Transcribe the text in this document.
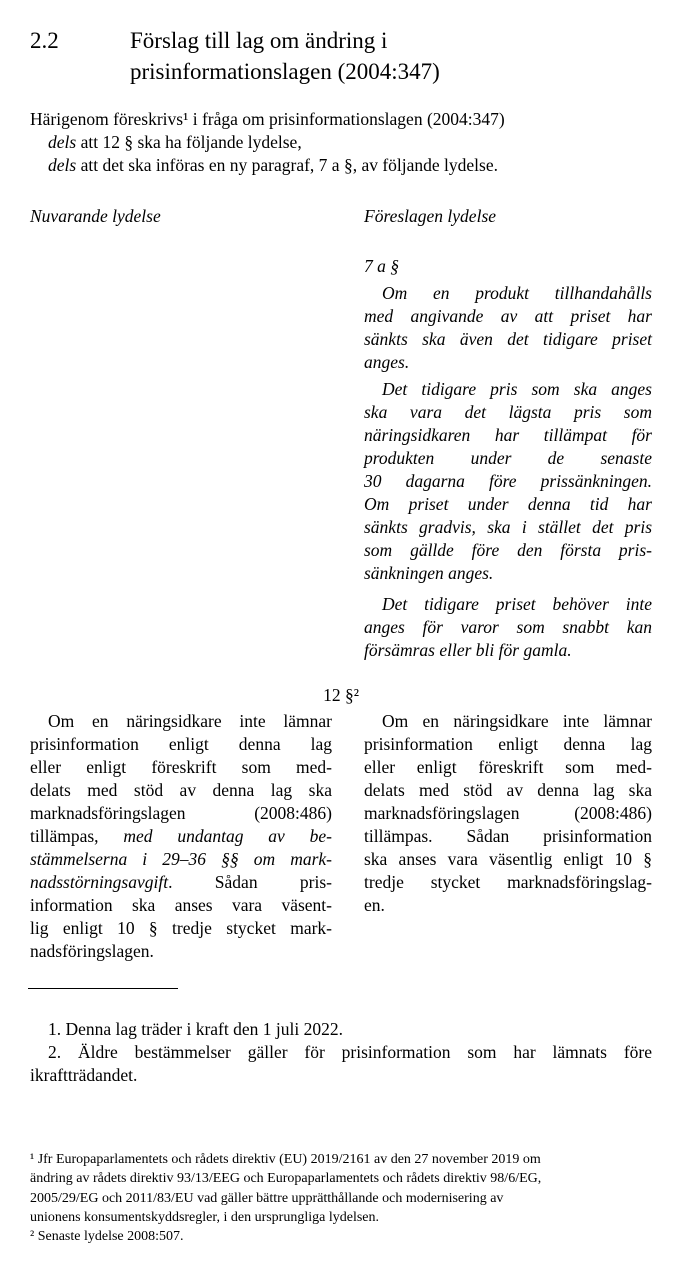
2.2	Förslag till lag om ändring i
prisinformationslagen (2004:347)
Härigenom föreskrivs¹ i fråga om prisinformationslagen (2004:347)
dels att 12 § ska ha följande lydelse,
dels att det ska införas en ny paragraf, 7 a §, av följande lydelse.
Nuvarande lydelse	Föreslagen lydelse
7 a §
Om en produkt tillhandahålls
med angivande av att priset har
sänkts ska även det tidigare priset
anges.
Det tidigare pris som ska anges
ska vara det lägsta pris som
näringsidkaren har tillämpat för
produkten under de senaste
30 dagarna före prissänkningen.
Om priset under denna tid har
sänkts gradvis, ska i stället det pris
som gällde före den första pris-
sänkningen anges.
Det tidigare priset behöver inte
anges för varor som snabbt kan
försämras eller bli för gamla.
12 §²
Om en näringsidkare inte lämnar
prisinformation enligt denna lag
eller enligt föreskrift som med-
delats med stöd av denna lag ska
marknadsföringslagen (2008:486)
tillämpas, med undantag av be-
stämmelserna i 29–36 §§ om mark-
nadsstörningsavgift. Sådan pris-
information ska anses vara väsent-
lig enligt 10 § tredje stycket mark-
nadsföringslagen.
Om en näringsidkare inte lämnar
prisinformation enligt denna lag
eller enligt föreskrift som med-
delats med stöd av denna lag ska
marknadsföringslagen (2008:486)
tillämpas. Sådan prisinformation
ska anses vara väsentlig enligt 10 §
tredje stycket marknadsföringslag-
en.
1. Denna lag träder i kraft den 1 juli 2022.
2. Äldre bestämmelser gäller för prisinformation som har lämnats före
ikraftträdandet.
¹ Jfr Europaparlamentets och rådets direktiv (EU) 2019/2161 av den 27 november 2019 om
ändring av rådets direktiv 93/13/EEG och Europaparlamentets och rådets direktiv 98/6/EG,
2005/29/EG och 2011/83/EU vad gäller bättre upprätthållande och modernisering av
unionens konsumentskyddsregler, i den ursprungliga lydelsen.
² Senaste lydelse 2008:507.
